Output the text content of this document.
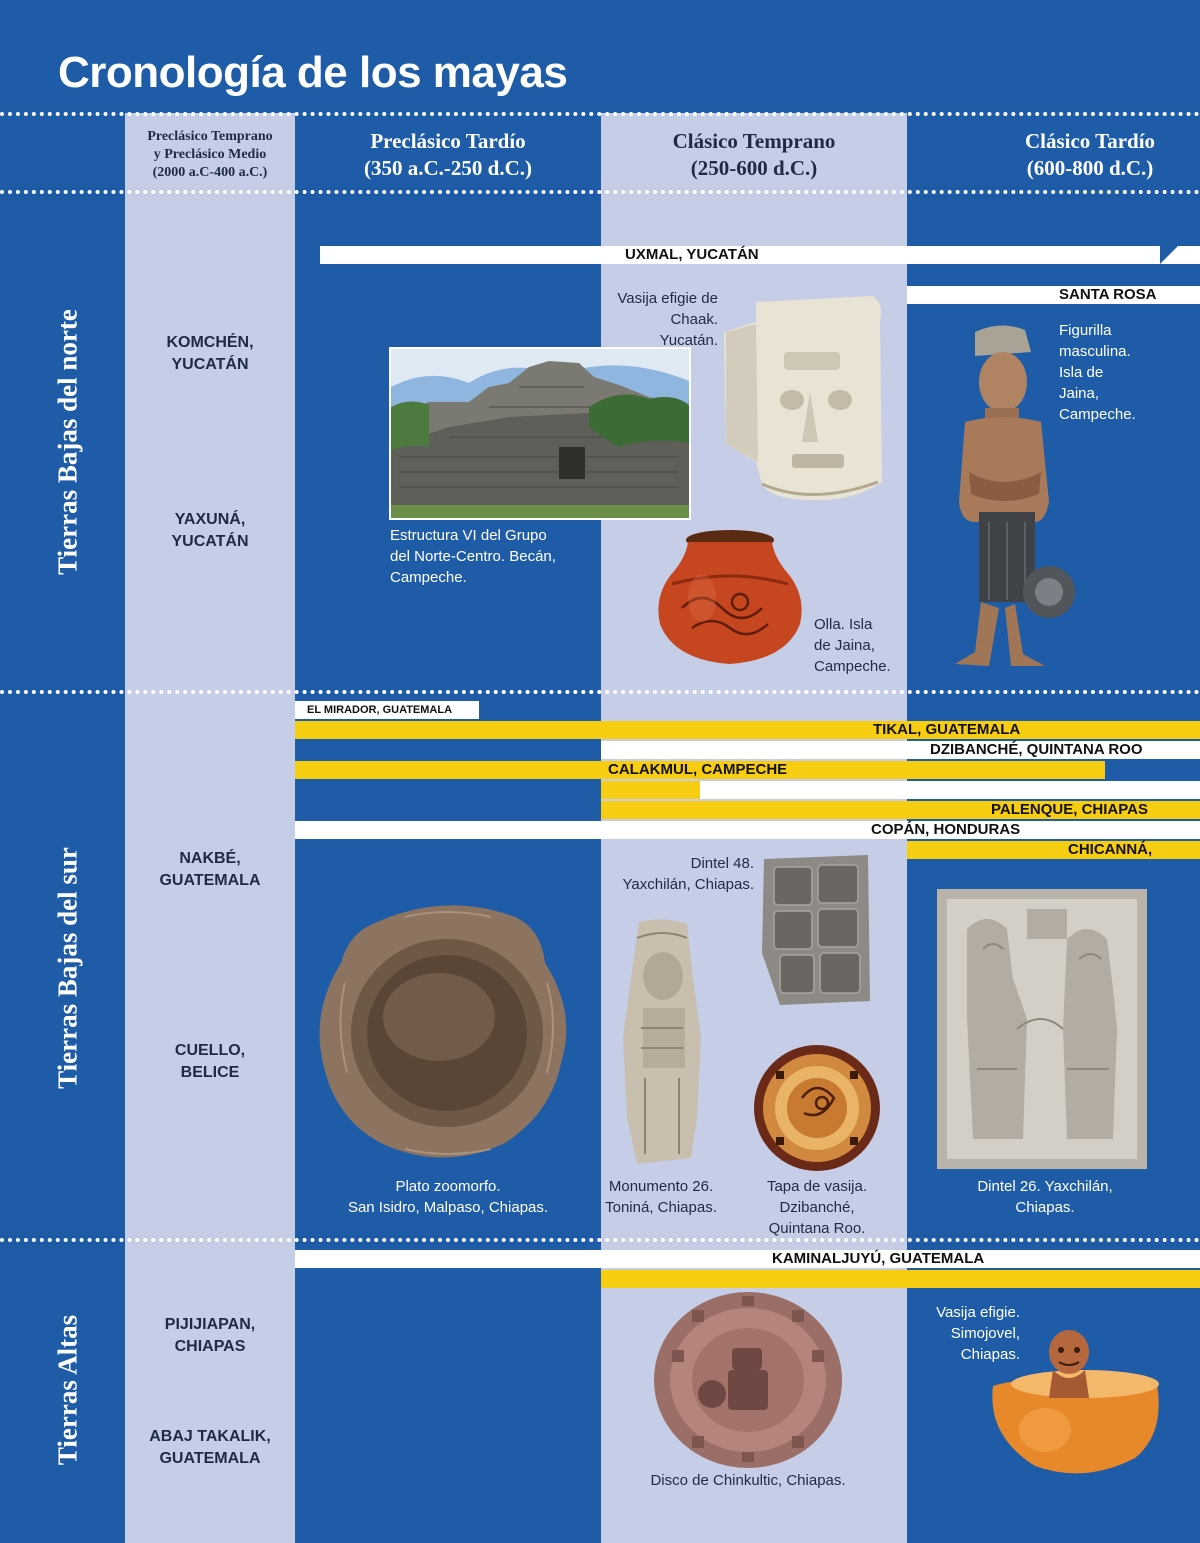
Cronología de los mayas
Preclásico Temprano
y Preclásico Medio
(2000 a.C-400 a.C.)
Preclásico Tardío
(350 a.C.-250 d.C.)
Clásico Temprano
(250-600 d.C.)
Clásico Tardío
(600-800 d.C.)
Tierras Bajas del norte
Tierras Bajas del sur
Tierras Altas
KOMCHÉN,
YUCATÁN
YAXUNÁ,
YUCATÁN
NAKBÉ,
GUATEMALA
CUELLO,
BELICE
PIJIJIAPAN,
CHIAPAS
ABAJ TAKALIK,
GUATEMALA
UXMAL, YUCATÁN
SANTA ROSA
EL MIRADOR, GUATEMALA
TIKAL, GUATEMALA
DZIBANCHÉ, QUINTANA ROO
CALAKMUL, CAMPECHE
PALENQUE, CHIAPAS
COPÁN, HONDURAS
CHICANNÁ,
KAMINALJUYÚ, GUATEMALA
Estructura VI del Grupo
del Norte-Centro. Becán,
Campeche.
Vasija efigie de
Chaak. Yucatán.
Olla. Isla
de Jaina,
Campeche.
Figurilla
masculina.
Isla de
Jaina,
Campeche.
Plato zoomorfo.
San Isidro, Malpaso, Chiapas.
Dintel 48.
Yaxchilán, Chiapas.
Monumento 26.
Toniná, Chiapas.
Tapa de vasija. Dzibanché,
Quintana Roo.
Dintel 26. Yaxchilán,
Chiapas.
Disco de Chinkultic, Chiapas.
Vasija efigie.
Simojovel,
Chiapas.
